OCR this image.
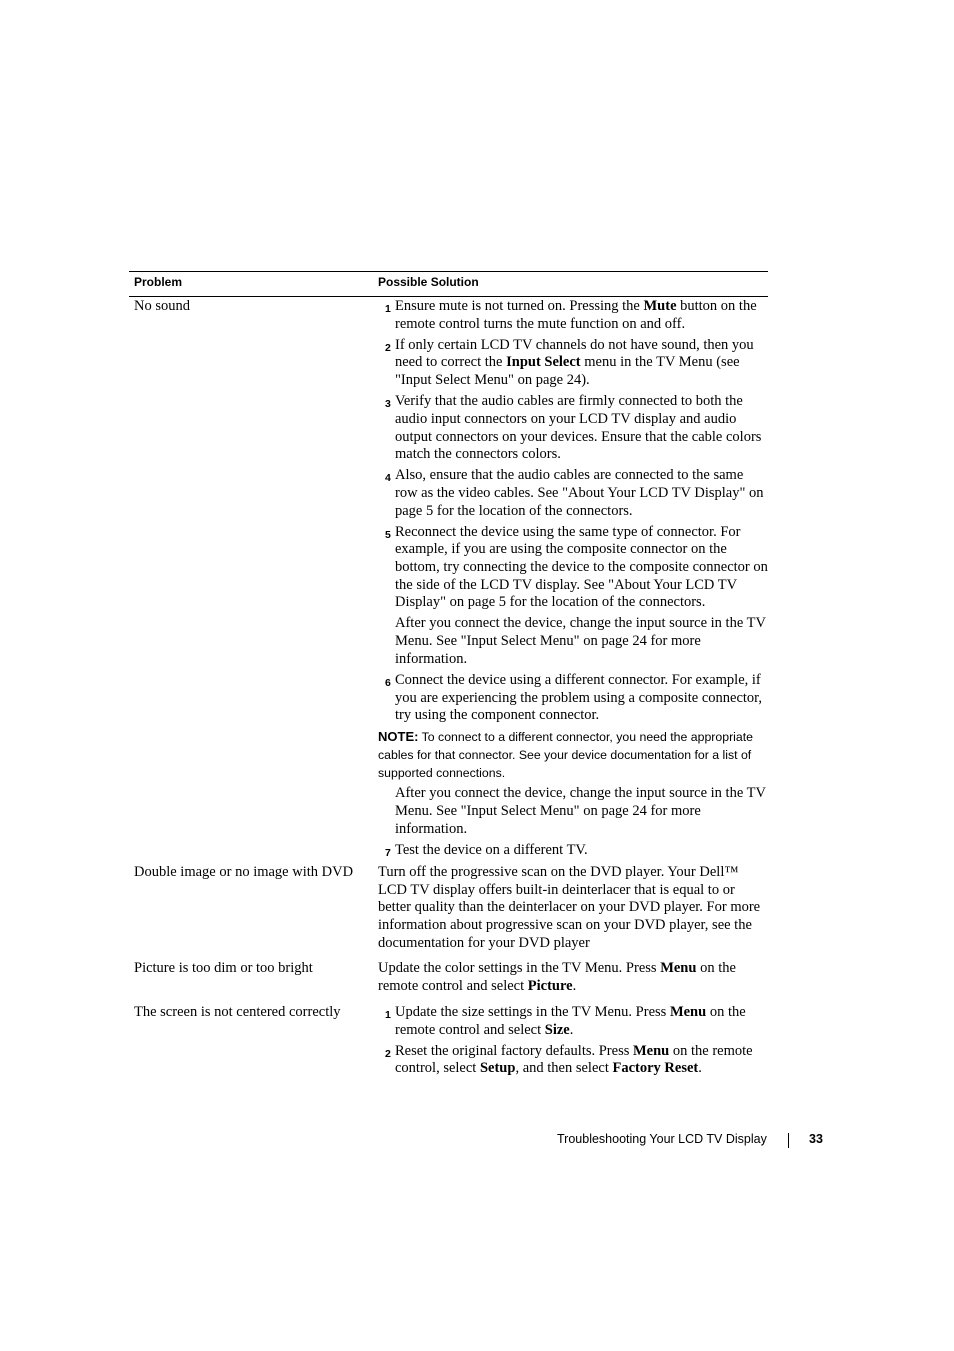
Problem	Possible Solution
No sound	1 Ensure mute is not turned on. Pressing the Mute button on the remote control turns the mute function on and off.
2 If only certain LCD TV channels do not have sound, then you need to correct the Input Select menu in the TV Menu (see "Input Select Menu" on page 24).
3 Verify that the audio cables are firmly connected to both the audio input connectors on your LCD TV display and audio output connectors on your devices. Ensure that the cable colors match the connectors colors.
4 Also, ensure that the audio cables are connected to the same row as the video cables. See "About Your LCD TV Display" on page 5 for the location of the connectors.
5 Reconnect the device using the same type of connector. For example, if you are using the composite connector on the bottom, try connecting the device to the composite connector on the side of the LCD TV display. See "About Your LCD TV Display" on page 5 for the location of the connectors.
After you connect the device, change the input source in the TV Menu. See "Input Select Menu" on page 24 for more information.
6 Connect the device using a different connector. For example, if you are experiencing the problem using a composite connector, try using the component connector.
NOTE: To connect to a different connector, you need the appropriate cables for that connector. See your device documentation for a list of supported connections.
After you connect the device, change the input source in the TV Menu. See "Input Select Menu" on page 24 for more information.
7 Test the device on a different TV.
Double image or no image with DVD	Turn off the progressive scan on the DVD player. Your Dell™ LCD TV display offers built-in deinterlacer that is equal to or better quality than the deinterlacer on your DVD player. For more information about progressive scan on your DVD player, see the documentation for your DVD player
Picture is too dim or too bright	Update the color settings in the TV Menu. Press Menu on the remote control and select Picture.
The screen is not centered correctly	1 Update the size settings in the TV Menu. Press Menu on the remote control and select Size.
2 Reset the original factory defaults. Press Menu on the remote control, select Setup, and then select Factory Reset.
Troubleshooting Your LCD TV Display	33
